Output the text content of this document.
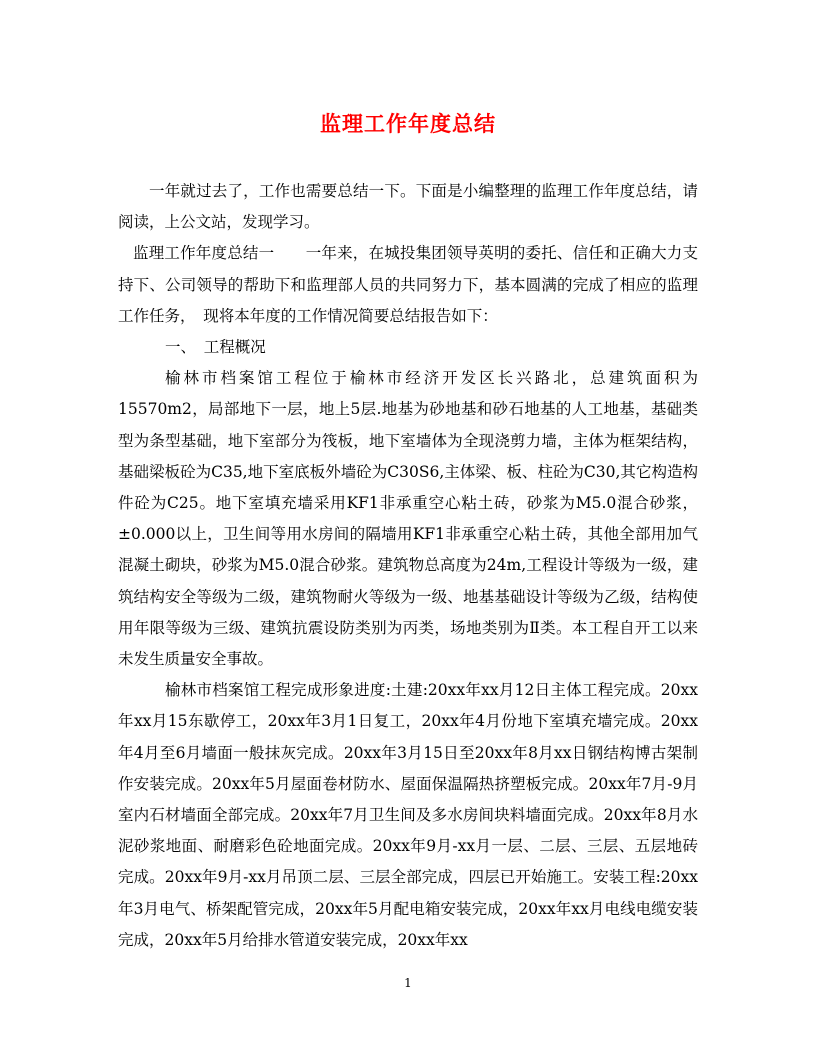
监理工作年度总结

一年就过去了，工作也需要总结一下。下面是小编整理的监理工作年度总结，请阅读，上公文站，发现学习。

监理工作年度总结一　　一年来，在城投集团领导英明的委托、信任和正确大力支持下、公司领导的帮助下和监理部人员的共同努力下，基本圆满的完成了相应的监理工作任务，　现将本年度的工作情况简要总结报告如下：

一、　工程概况

榆林市档案馆工程位于榆林市经济开发区长兴路北，总建筑面积为15570m2，局部地下一层，地上5层.地基为砂地基和砂石地基的人工地基，基础类型为条型基础，地下室部分为筏板，地下室墙体为全现浇剪力墙，主体为框架结构，基础梁板砼为C35,地下室底板外墙砼为C30S6,主体梁、板、柱砼为C30,其它构造构件砼为C25。地下室填充墙采用KF1非承重空心粘土砖，砂浆为M5.0混合砂浆，±0.000以上，卫生间等用水房间的隔墙用KF1非承重空心粘土砖，其他全部用加气混凝土砌块，砂浆为M5.0混合砂浆。建筑物总高度为24m,工程设计等级为一级，建筑结构安全等级为二级，建筑物耐火等级为一级、地基基础设计等级为乙级，结构使用年限等级为三级、建筑抗震设防类别为丙类，场地类别为Ⅱ类。本工程自开工以来未发生质量安全事故。

榆林市档案馆工程完成形象进度:土建:20xx年xx月12日主体工程完成。20xx年xx月15东歇停工，20xx年3月1日复工，20xx年4月份地下室填充墙完成。20xx年4月至6月墙面一般抹灰完成。20xx年3月15日至20xx年8月xx日钢结构博古架制作安装完成。20xx年5月屋面卷材防水、屋面保温隔热挤塑板完成。20xx年7月-9月室内石材墙面全部完成。20xx年7月卫生间及多水房间块料墙面完成。20xx年8月水泥砂浆地面、耐磨彩色砼地面完成。20xx年9月-xx月一层、二层、三层、五层地砖完成。20xx年9月-xx月吊顶二层、三层全部完成，四层已开始施工。安装工程:20xx年3月电气、桥架配管完成，20xx年5月配电箱安装完成，20xx年xx月电线电缆安装完成，20xx年5月给排水管道安装完成，20xx年xx

1
